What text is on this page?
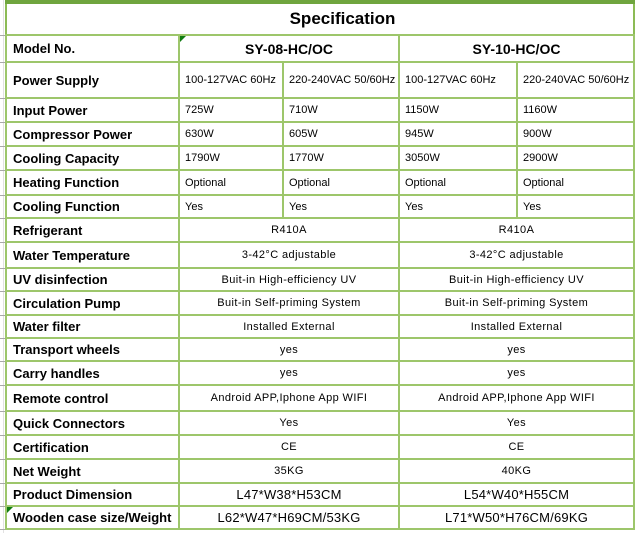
Specification				
Model No.	SY-08-HC/OC		SY-10-HC/OC	
Power Supply	100-127VAC 60Hz	220-240VAC 50/60Hz	100-127VAC 60Hz	220-240VAC 50/60Hz
Input Power	725W	710W	1150W	1160W
Compressor Power	630W	605W	945W	900W
Cooling Capacity	1790W	1770W	3050W	2900W
Heating Function	Optional	Optional	Optional	Optional
Cooling Function	Yes	Yes	Yes	Yes
Refrigerant	R410A		R410A	
Water Temperature	3-42°C adjustable		3-42°C adjustable	
UV disinfection	Buit-in High-efficiency UV		Buit-in High-efficiency UV	
Circulation Pump	Buit-in Self-priming System		Buit-in Self-priming System	
Water filter	Installed External		Installed External	
Transport wheels	yes		yes	
Carry handles	yes		yes	
Remote control	Android APP,Iphone App WIFI		Android APP,Iphone App WIFI	
Quick Connectors	Yes		Yes	
Certification	CE		CE	
Net Weight	35KG		40KG	
Product Dimension	L47*W38*H53CM		L54*W40*H55CM	

Wooden case size/Weight	L62*W47*H69CM/53KG		L71*W50*H76CM/69KG	
